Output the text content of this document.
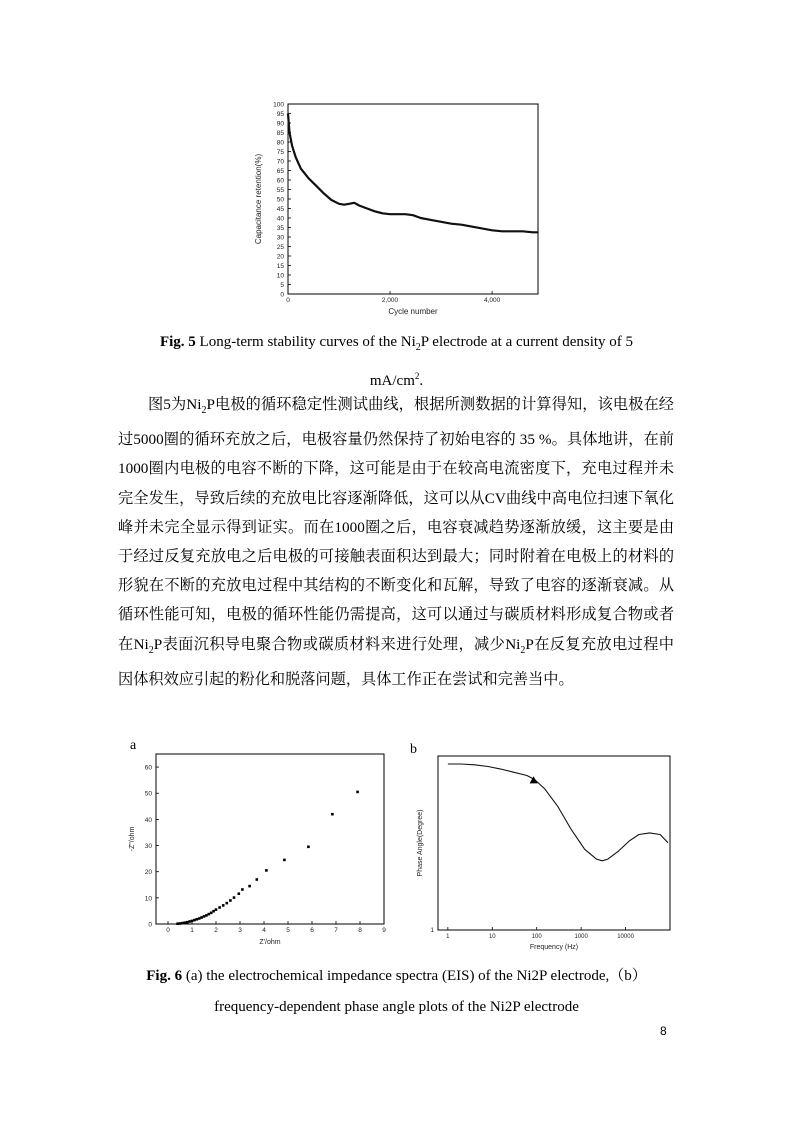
0
5
10
15
20
25
30
35
40
45
50
55
60
65
70
75
80
85
90
95
100
0	2,000	4,000
Cycle number
Capacitance retention(%)
Fig. 5 Long-term stability curves of the $Ni_2P$ electrode at a current density of 5
$mA/cm^2$.

图5为$Ni_2P$电极的循环稳定性测试曲线，根据所测数据的计算得知，该电极在经过5000圈的循环充放之后，电极容量仍然保持了初始电容的 35 %。具体地讲，在前1000圈内电极的电容不断的下降，这可能是由于在较高电流密度下，充电过程并未完全发生，导致后续的充放电比容逐渐降低，这可以从CV曲线中高电位扫速下氧化峰并未完全显示得到证实。而在1000圈之后，电容衰减趋势逐渐放缓，这主要是由于经过反复充放电之后电极的可接触表面积达到最大；同时附着在电极上的材料的形貌在不断的充放电过程中其结构的不断变化和瓦解，导致了电容的逐渐衰减。从循环性能可知，电极的循环性能仍需提高，这可以通过与碳质材料形成复合物或者在$Ni_2P$表面沉积导电聚合物或碳质材料来进行处理，减少$Ni_2P$在反复充放电过程中因体积效应引起的粉化和脱落问题，具体工作正在尝试和完善当中。

a	b
0
10
20
30
40
50
60
0	1	2	3	4	5	6	7	8	9
Z'/ohm
-Z"/ohm
1	10	100	1000	10000
1
Frequency (Hz)
Phase Angle(Degree)
Fig. 6 (a) the electrochemical impedance spectra (EIS) of the Ni2P electrode,（b）
frequency-dependent phase angle plots of the Ni2P electrode
8
